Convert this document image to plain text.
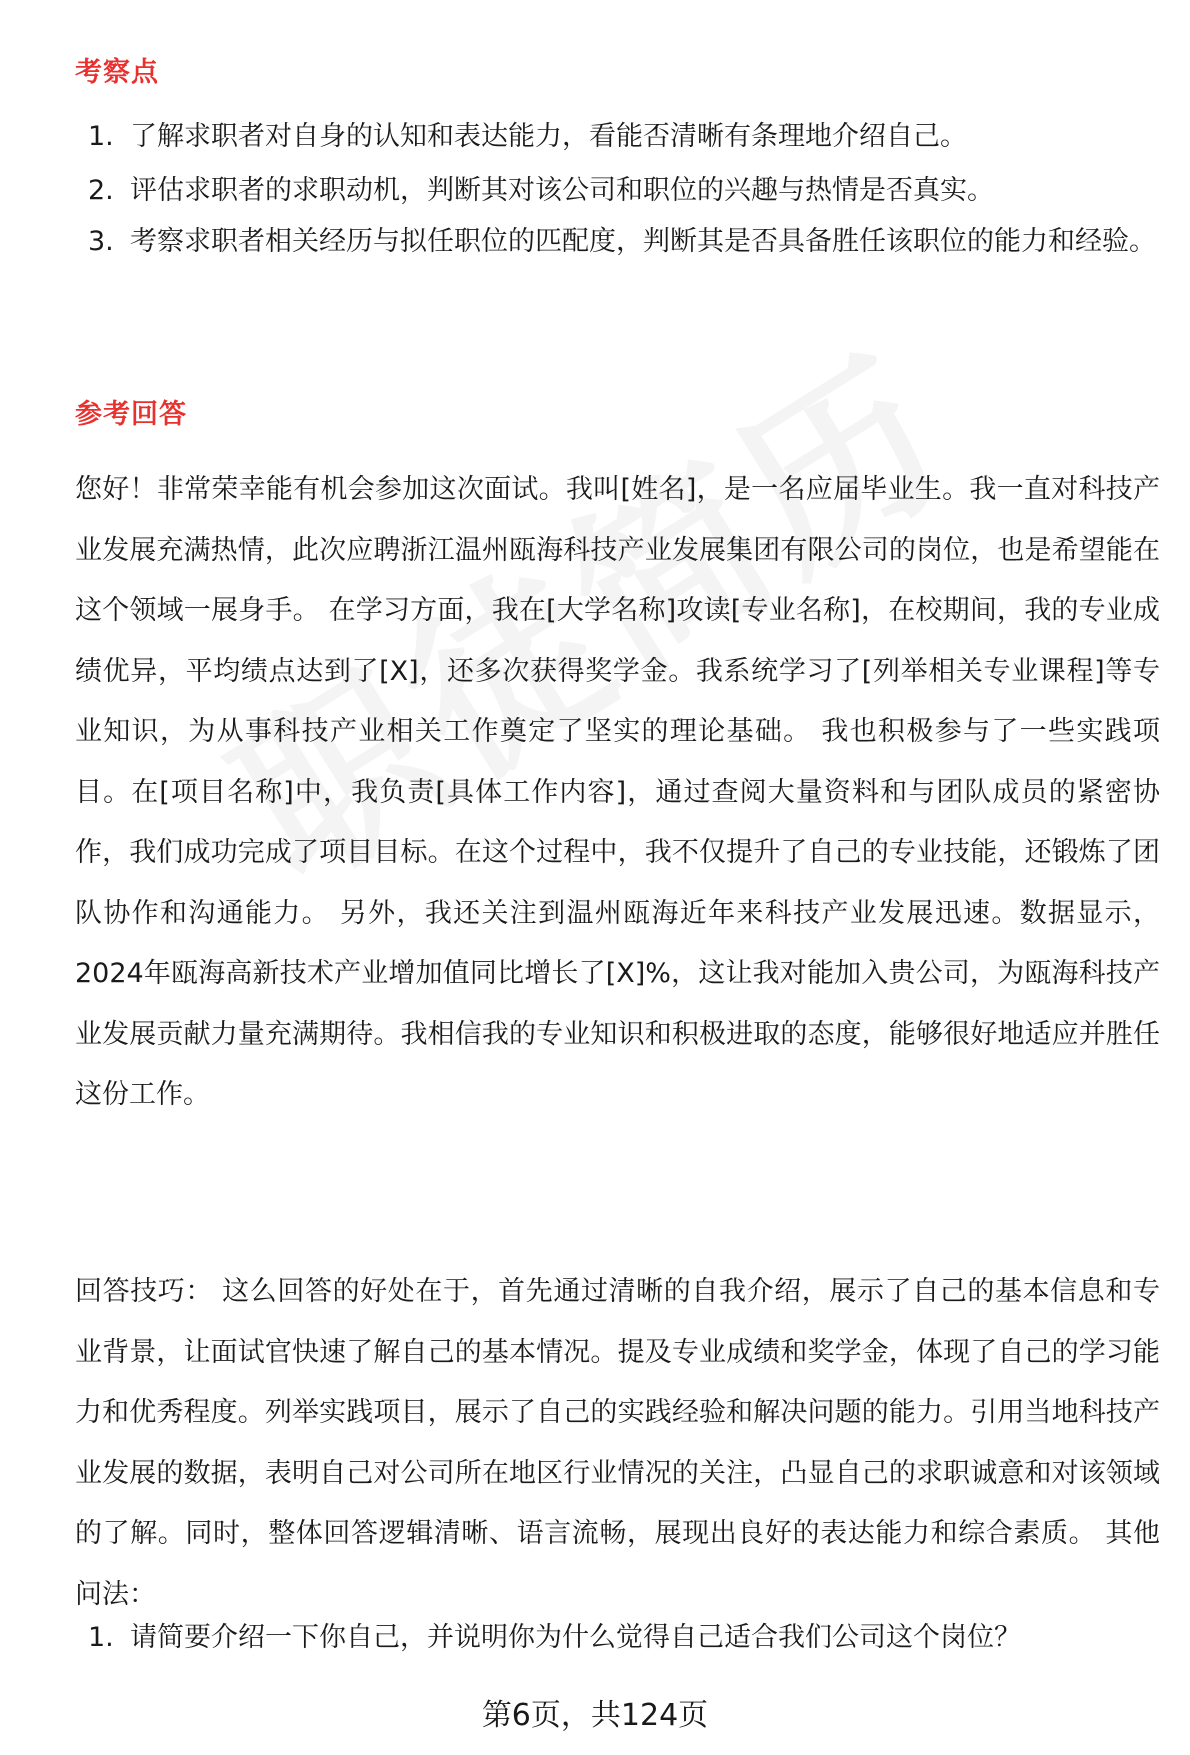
考察点
1. 了解求职者对自身的认知和表达能力，看能否清晰有条理地介绍自己。
2. 评估求职者的求职动机，判断其对该公司和职位的兴趣与热情是否真实。
3. 考察求职者相关经历与拟任职位的匹配度，判断其是否具备胜任该职位的能力和经验。
参考回答

您好！非常荣幸能有机会参加这次面试。我叫[姓名]，是一名应届毕业生。我一直对科技产业发展充满热情，此次应聘浙江温州瓯海科技产业发展集团有限公司的岗位，也是希望能在这个领域一展身手。 在学习方面，我在[大学名称]攻读[专业名称]，在校期间，我的专业成绩优异，平均绩点达到了[X]，还多次获得奖学金。我系统学习了[列举相关专业课程]等专业知识，为从事科技产业相关工作奠定了坚实的理论基础。 我也积极参与了一些实践项目。在[项目名称]中，我负责[具体工作内容]，通过查阅大量资料和与团队成员的紧密协作，我们成功完成了项目目标。在这个过程中，我不仅提升了自己的专业技能，还锻炼了团队协作和沟通能力。 另外，我还关注到温州瓯海近年来科技产业发展迅速。数据显示，2024年瓯海高新技术产业增加值同比增长了[X]%，这让我对能加入贵公司，为瓯海科技产业发展贡献力量充满期待。我相信我的专业知识和积极进取的态度，能够很好地适应并胜任这份工作。

回答技巧： 这么回答的好处在于，首先通过清晰的自我介绍，展示了自己的基本信息和专业背景，让面试官快速了解自己的基本情况。提及专业成绩和奖学金，体现了自己的学习能力和优秀程度。列举实践项目，展示了自己的实践经验和解决问题的能力。引用当地科技产业发展的数据，表明自己对公司所在地区行业情况的关注，凸显自己的求职诚意和对该领域的了解。同时，整体回答逻辑清晰、语言流畅，展现出良好的表达能力和综合素质。 其他问法：

1. 请简要介绍一下你自己，并说明你为什么觉得自己适合我们公司这个岗位？
第6页，共124页
